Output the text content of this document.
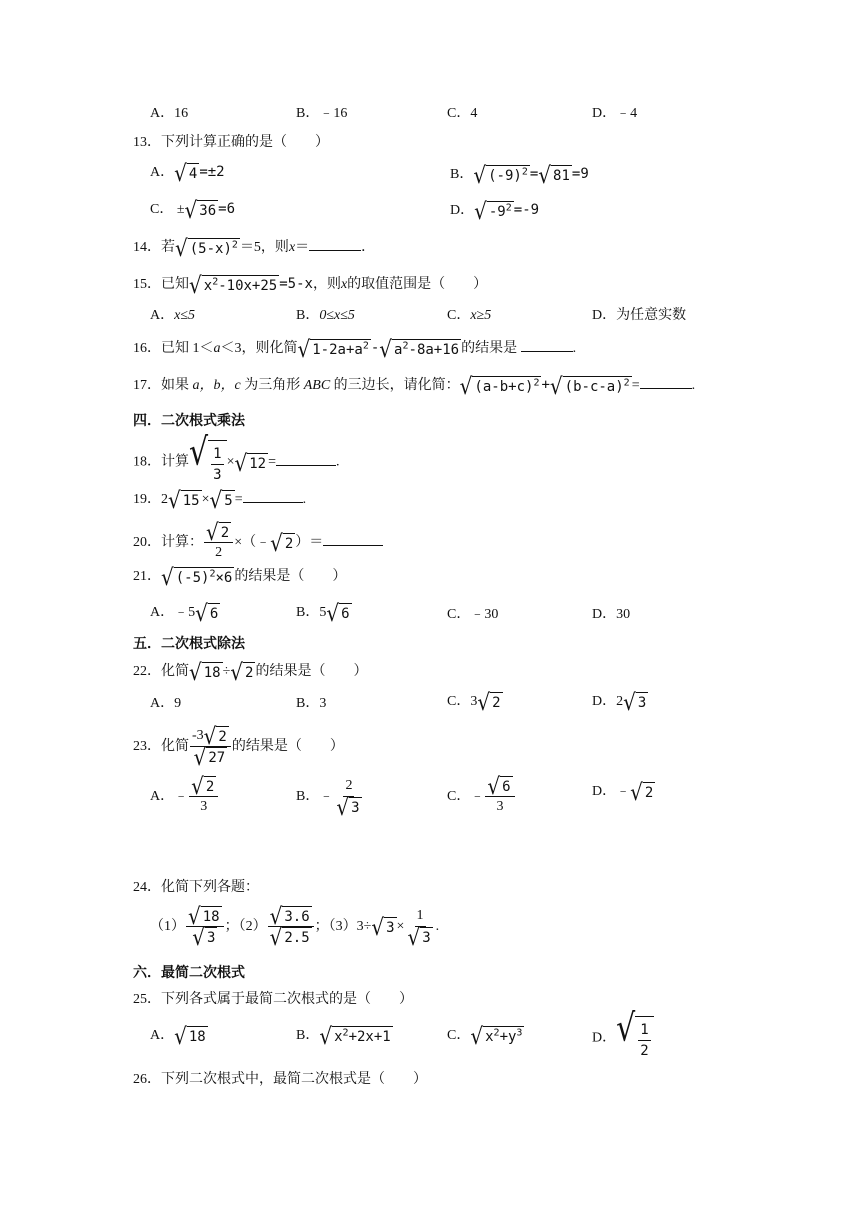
A．16	B．﹣16	C．4	D．﹣4
13．下列计算正确的是（　　）
A． √ 4 =±2	B． √ $(-9)^2$ = √ 81 =9
C． ± √ 36 =6	D． √ $-9^2 =-9$
14．若 √ $(5-x)^2 =5$，则x＝	．
15．已知 √ $x^2-10x+25 =5-x$，则x的取值范围是（　　）
A．x≤5	B．0≤x≤5	C．x≥5	D．为任意实数
16．已知 1＜a＜3，则化简 √ $1-2a+a^2$ - √ $a^2-8a+16$ 的结果是	.
17．如果 a，b，c 为三角形 ABC 的三边长，请化简： √ $(a-b+c)^2$ + √ $(b-c-a)^2$ =	.
四．二次根式乘法
18．计算 √ $\frac{1}{3}$ × √ 12 =	.
19．2 √ 15 × √ 5 =	.
20．计算： $\frac{√ 2}{2}$ ×（﹣ √ 2 ）＝
21． √ $(-5)^2\times 6$ 的结果是（　　）
A．﹣5 √ 6	B．5 √ 6	C．﹣30	D．30
五．二次根式除法
22．化简 √ 18 ÷ √ 2 的结果是（　　）
A．9	B．3	C．3 √ 2	D．2 √ 3
23．化简 $\frac{-3 √ 2}{√ 27}$ 的结果是（　　）
A．﹣ $\frac{√ 2}{3}$	B．﹣ $\frac{2}{√ 3}$	C．﹣ $\frac{√ 6}{3}$	D．﹣ √ 2
24．化简下列各题：
$(1) \frac{√ 18}{√ 3}$ ；$(2) \frac{√ 3.6}{√ 2.5}$ ；（3）3÷ √ $3 \times \frac{1}{√ 3}$ .
六．最简二次根式
25．下列各式属于最简二次根式的是（　　）
A． √ 18	B． √ $x^2+2x+1$	C． √ $x^2+y^3$	D． √ $\frac{1}{2}$
26．下列二次根式中，最简二次根式是（　　）
